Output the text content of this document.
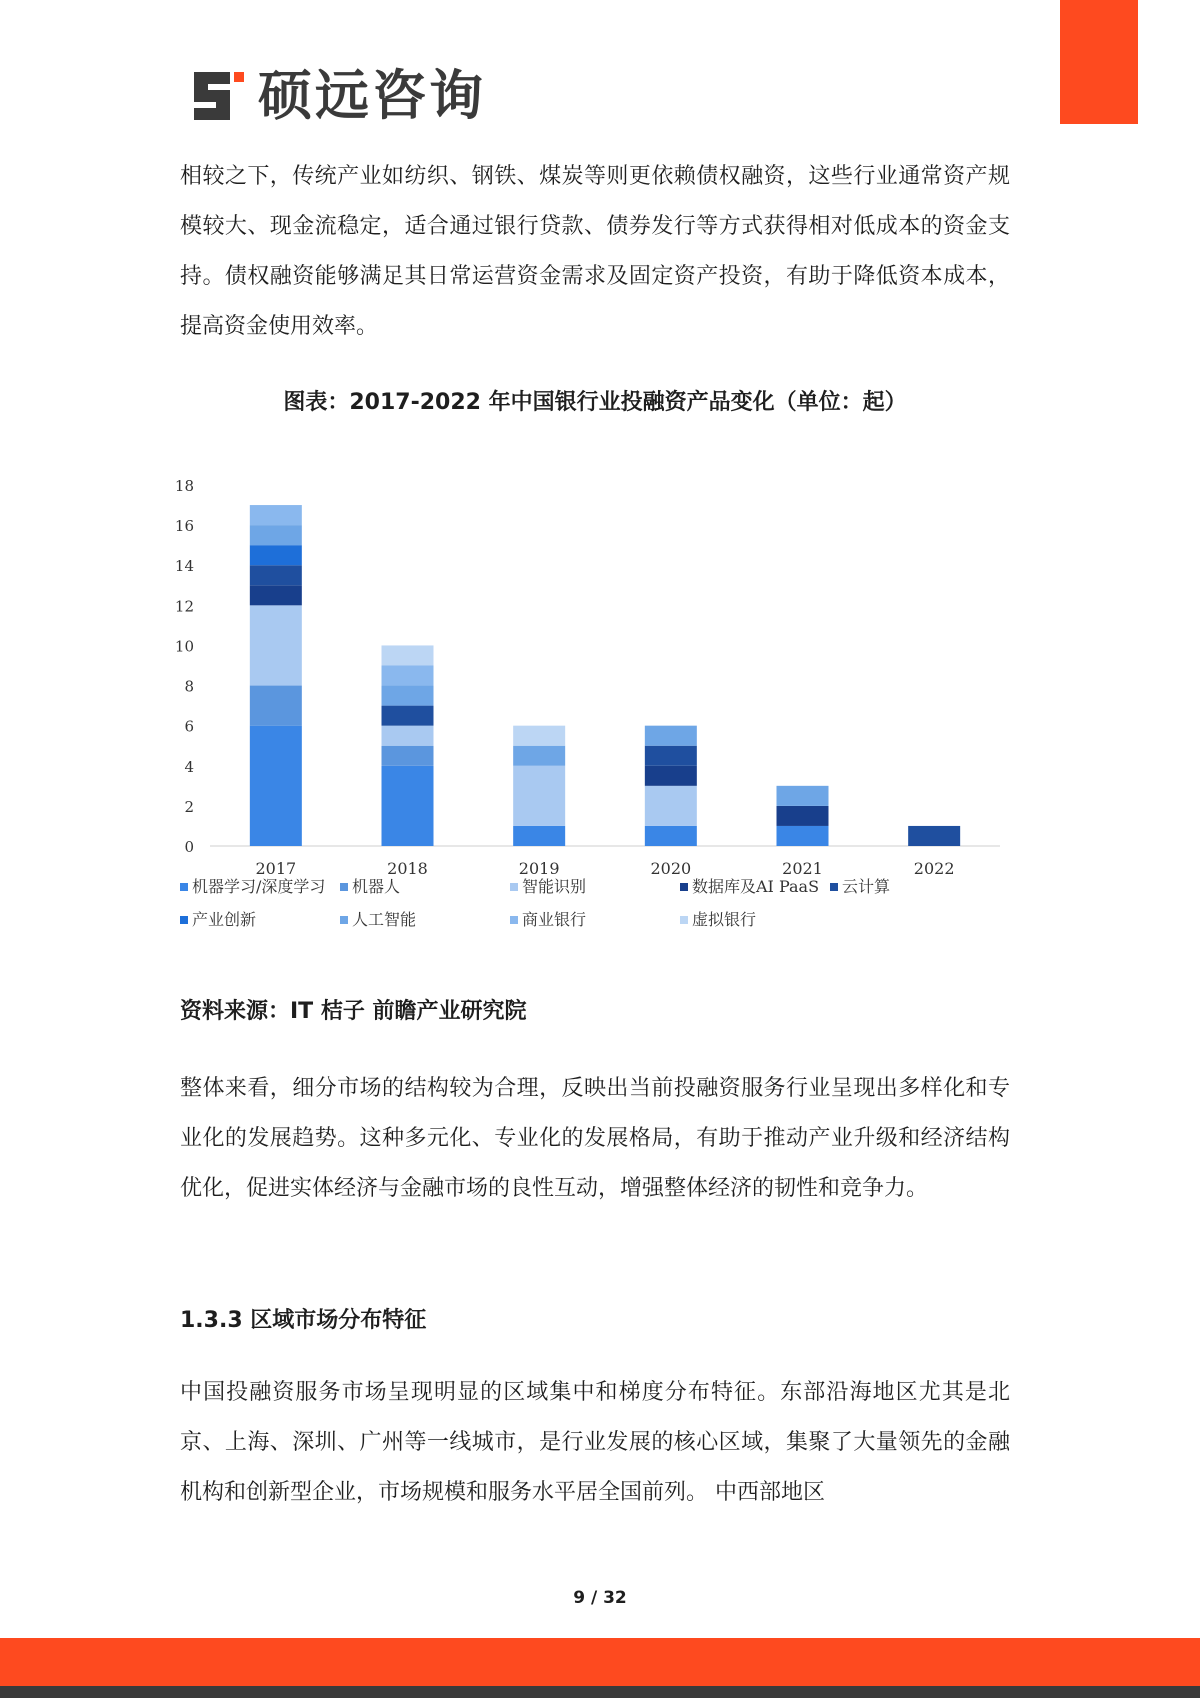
硕远咨询

相较之下，传统产业如纺织、钢铁、煤炭等则更依赖债权融资，这些行业通常资产规模较大、现金流稳定，适合通过银行贷款、债券发行等方式获得相对低成本的资金支持。债权融资能够满足其日常运营资金需求及固定资产投资，有助于降低资本成本，提高资金使用效率。

图表：2017-2022 年中国银行业投融资产品变化（单位：起）
0
2
4
6
8
10
12
14
16
18
2017	2018	2019	2020	2021	2022
机器学习/深度学习 机器人	智能识别	数据库及AI PaaS 云计算
产业创新	人工智能	商业银行	虚拟银行
资料来源：IT 桔子 前瞻产业研究院

整体来看，细分市场的结构较为合理，反映出当前投融资服务行业呈现出多样化和专业化的发展趋势。这种多元化、专业化的发展格局，有助于推动产业升级和经济结构优化，促进实体经济与金融市场的良性互动，增强整体经济的韧性和竞争力。

1.3.3 区域市场分布特征

中国投融资服务市场呈现明显的区域集中和梯度分布特征。东部沿海地区尤其是北京、上海、深圳、广州等一线城市，是行业发展的核心区域，集聚了大量领先的金融机构和创新型企业，市场规模和服务水平居全国前列。 中西部地区

9 / 32
